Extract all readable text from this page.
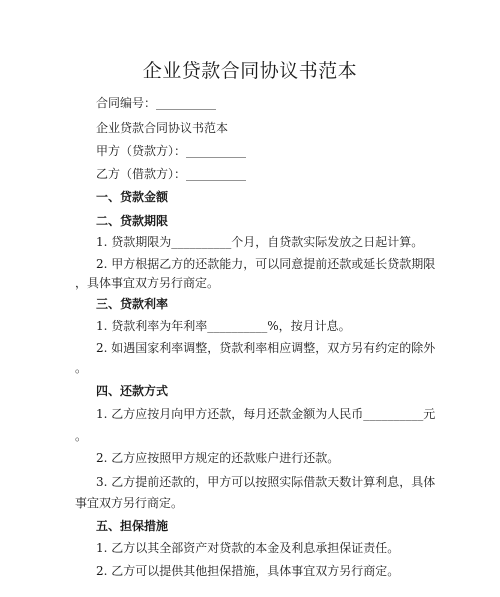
企业贷款合同协议书范本
合同编号：__________
企业贷款合同协议书范本
甲方（贷款方）：__________
乙方（借款方）：__________
一、贷款金额
二、贷款期限
1. 贷款期限为__________个月，自贷款实际发放之日起计算。
2. 甲方根据乙方的还款能力，可以同意提前还款或延长贷款期限
，具体事宜双方另行商定。
三、贷款利率
1. 贷款利率为年利率__________%，按月计息。
2. 如遇国家利率调整，贷款利率相应调整，双方另有约定的除外
。
四、还款方式
1. 乙方应按月向甲方还款，每月还款金额为人民币__________元
。
2. 乙方应按照甲方规定的还款账户进行还款。
3. 乙方提前还款的，甲方可以按照实际借款天数计算利息，具体
事宜双方另行商定。
五、担保措施
1. 乙方以其全部资产对贷款的本金及利息承担保证责任。
2. 乙方可以提供其他担保措施，具体事宜双方另行商定。
